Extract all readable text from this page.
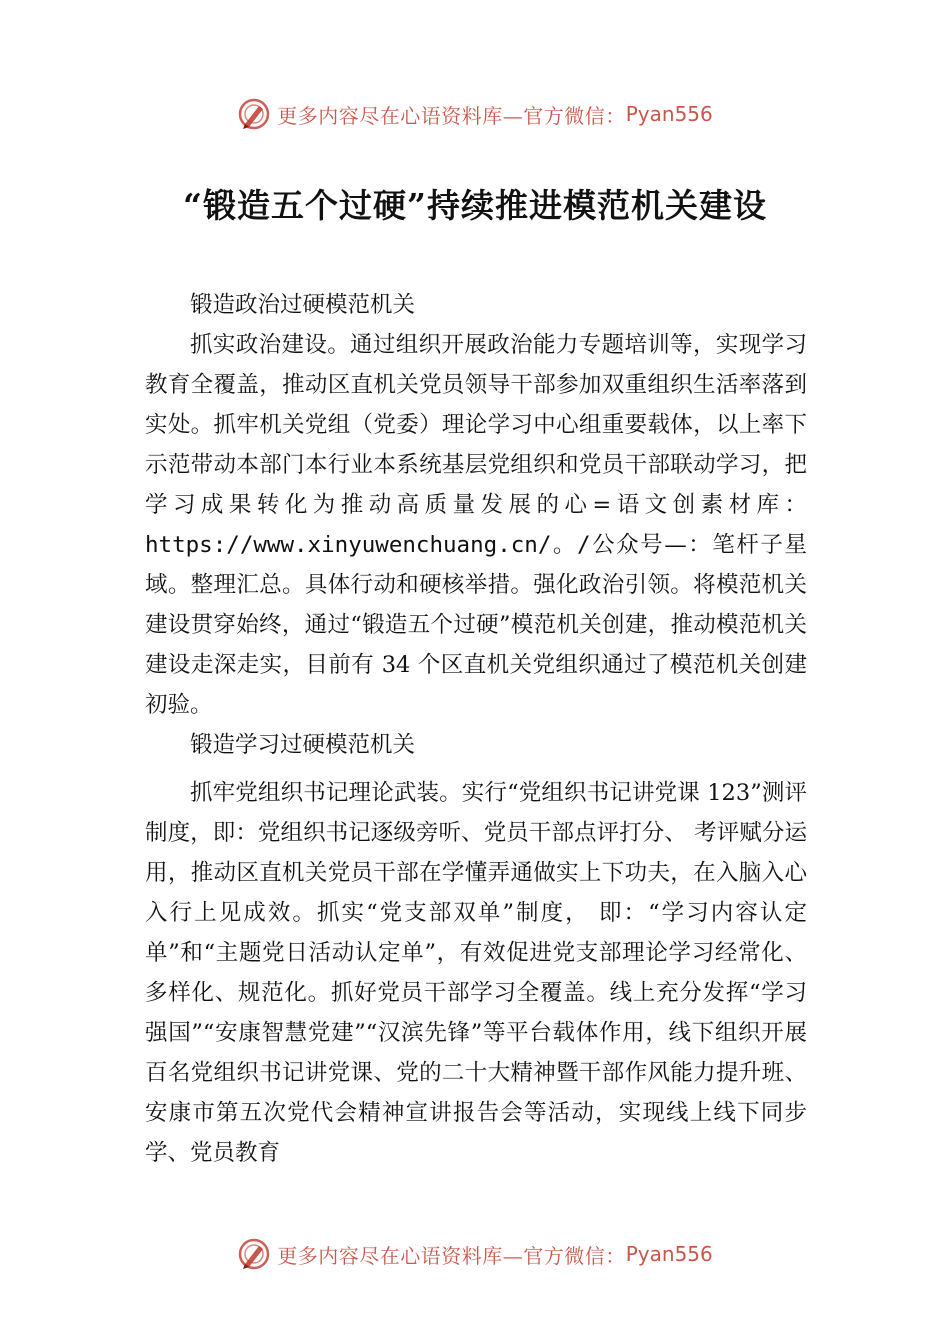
更多内容尽在心语资料库—官方微信： Pyan556
“锻造五个过硬”持续推进模范机关建设

锻造政治过硬模范机关

抓实政治建设。通过组织开展政治能力专题培训等，实现学习教育全覆盖，推动区直机关党员领导干部参加双重组织生活率落到实处。抓牢机关党组（党委）理论学习中心组重要载体，以上率下示范带动本部门本行业本系统基层党组织和党员干部联动学习，把学习成果转化为推动高质量发展的心=语文创素材库：https://www.xinyuwenchuang.cn/。/公众号—：笔杆子星域。整理汇总。具体行动和硬核举措。强化政治引领。将模范机关建设贯穿始终，通过“锻造五个过硬”模范机关创建，推动模范机关建设走深走实，目前有 34 个区直机关党组织通过了模范机关创建初验。

锻造学习过硬模范机关

抓牢党组织书记理论武装。实行“党组织书记讲党课 123”测评制度，即：党组织书记逐级旁听、党员干部点评打分、 考评赋分运用，推动区直机关党员干部在学懂弄通做实上下功夫，在入脑入心入行上见成效。抓实“党支部双单”制度， 即：“学习内容认定单”和“主题党日活动认定单”，有效促进党支部理论学习经常化、多样化、规范化。抓好党员干部学习全覆盖。线上充分发挥“学习强国”“安康智慧党建”“汉滨先锋”等平台载体作用，线下组织开展百名党组织书记讲党课、党的二十大精神暨干部作风能力提升班、安康市第五次党代会精神宣讲报告会等活动，实现线上线下同步学、党员教育

更多内容尽在心语资料库—官方微信： Pyan556
